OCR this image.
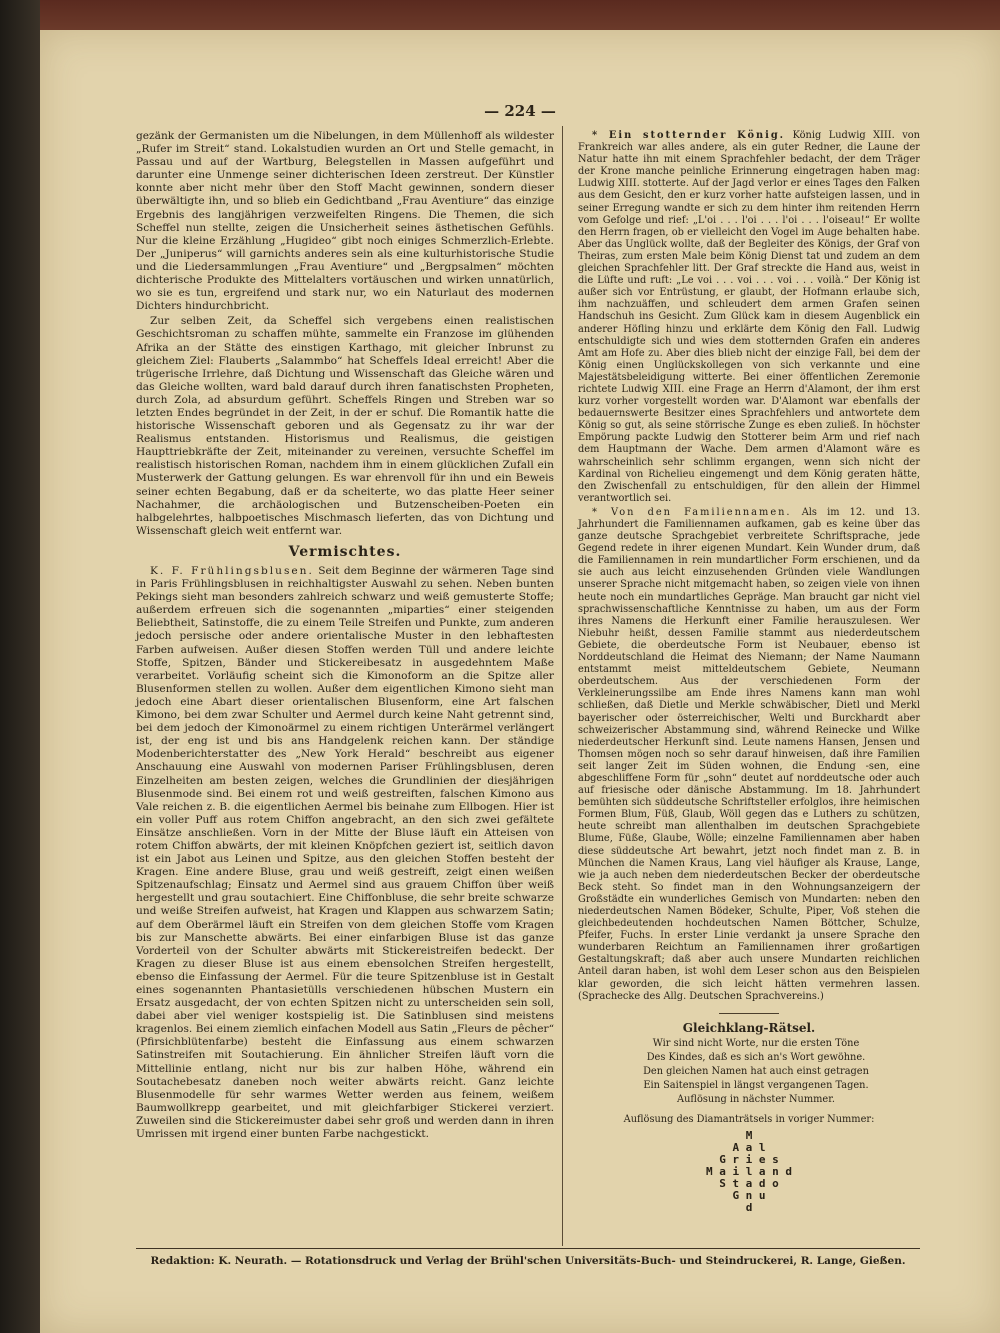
— 224 —

gezänk der Germanisten um die Nibelungen, in dem Müllenhoff als wildester „Rufer im Streit“ stand. Lokalstudien wurden an Ort und Stelle gemacht, in Passau und auf der Wartburg, Belegstellen in Massen aufgeführt und darunter eine Unmenge seiner dichterischen Ideen zerstreut. Der Künstler konnte aber nicht mehr über den Stoff Macht gewinnen, sondern dieser überwältigte ihn, und so blieb ein Gedichtband „Frau Aventiure“ das einzige Ergebnis des langjährigen verzweifelten Ringens. Die Themen, die sich Scheffel nun stellte, zeigen die Unsicherheit seines ästhetischen Gefühls. Nur die kleine Erzählung „Hugideo“ gibt noch einiges Schmerzlich-Erlebte. Der „Juniperus“ will garnichts anderes sein als eine kulturhistorische Studie und die Liedersammlungen „Frau Aventiure“ und „Bergpsalmen“ möchten dichterische Produkte des Mittelalters vortäuschen und wirken unnatürlich, wo sie es tun, ergreifend und stark nur, wo ein Naturlaut des modernen Dichters hindurchbricht.

Zur selben Zeit, da Scheffel sich vergebens einen realistischen Geschichtsroman zu schaffen mühte, sammelte ein Franzose im glühenden Afrika an der Stätte des einstigen Karthago, mit gleicher Inbrunst zu gleichem Ziel: Flauberts „Salammbo“ hat Scheffels Ideal erreicht! Aber die trügerische Irrlehre, daß Dichtung und Wissenschaft das Gleiche wären und das Gleiche wollten, ward bald darauf durch ihren fanatischsten Propheten, durch Zola, ad absurdum geführt. Scheffels Ringen und Streben war so letzten Endes begründet in der Zeit, in der er schuf. Die Romantik hatte die historische Wissenschaft geboren und als Gegensatz zu ihr war der Realismus entstanden. Historismus und Realismus, die geistigen Haupttriebkräfte der Zeit, miteinander zu vereinen, versuchte Scheffel im realistisch historischen Roman, nachdem ihm in einem glücklichen Zufall ein Musterwerk der Gattung gelungen. Es war ehrenvoll für ihn und ein Beweis seiner echten Begabung, daß er da scheiterte, wo das platte Heer seiner Nachahmer, die archäologischen und Butzenscheiben-Poeten ein halbgelehrtes, halbpoetisches Mischmasch lieferten, das von Dichtung und Wissenschaft gleich weit entfernt war.

Vermischtes.

K. F. Frühlingsblusen. Seit dem Beginne der wärmeren Tage sind in Paris Frühlingsblusen in reichhaltigster Auswahl zu sehen. Neben bunten Pekings sieht man besonders zahlreich schwarz und weiß gemusterte Stoffe; außerdem erfreuen sich die sogenannten „miparties“ einer steigenden Beliebtheit, Satinstoffe, die zu einem Teile Streifen und Punkte, zum anderen jedoch persische oder andere orientalische Muster in den lebhaftesten Farben aufweisen. Außer diesen Stoffen werden Tüll und andere leichte Stoffe, Spitzen, Bänder und Stickereibesatz in ausgedehntem Maße verarbeitet. Vorläufig scheint sich die Kimonoform an die Spitze aller Blusenformen stellen zu wollen. Außer dem eigentlichen Kimono sieht man jedoch eine Abart dieser orientalischen Blusenform, eine Art falschen Kimono, bei dem zwar Schulter und Aermel durch keine Naht getrennt sind, bei dem jedoch der Kimonoärmel zu einem richtigen Unterärmel verlängert ist, der eng ist und bis ans Handgelenk reichen kann. Der ständige Modenberichterstatter des „New York Herald“ beschreibt aus eigener Anschauung eine Auswahl von modernen Pariser Frühlingsblusen, deren Einzelheiten am besten zeigen, welches die Grundlinien der diesjährigen Blusenmode sind. Bei einem rot und weiß gestreiften, falschen Kimono aus Vale reichen z. B. die eigentlichen Aermel bis beinahe zum Ellbogen. Hier ist ein voller Puff aus rotem Chiffon angebracht, an den sich zwei gefältete Einsätze anschließen. Vorn in der Mitte der Bluse läuft ein Atteisen von rotem Chiffon abwärts, der mit kleinen Knöpfchen geziert ist, seitlich davon ist ein Jabot aus Leinen und Spitze, aus den gleichen Stoffen besteht der Kragen. Eine andere Bluse, grau und weiß gestreift, zeigt einen weißen Spitzenaufschlag; Einsatz und Aermel sind aus grauem Chiffon über weiß hergestellt und grau soutachiert. Eine Chiffonbluse, die sehr breite schwarze und weiße Streifen aufweist, hat Kragen und Klappen aus schwarzem Satin; auf dem Oberärmel läuft ein Streifen von dem gleichen Stoffe vom Kragen bis zur Manschette abwärts. Bei einer einfarbigen Bluse ist das ganze Vorderteil von der Schulter abwärts mit Stickereistreifen bedeckt. Der Kragen zu dieser Bluse ist aus einem ebensolchen Streifen hergestellt, ebenso die Einfassung der Aermel. Für die teure Spitzenbluse ist in Gestalt eines sogenannten Phantasietülls verschiedenen hübschen Mustern ein Ersatz ausgedacht, der von echten Spitzen nicht zu unterscheiden sein soll, dabei aber viel weniger kostspielig ist. Die Satinblusen sind meistens kragenlos. Bei einem ziemlich einfachen Modell aus Satin „Fleurs de pêcher“ (Pfirsichblütenfarbe) besteht die Einfassung aus einem schwarzen Satinstreifen mit Soutachierung. Ein ähnlicher Streifen läuft vorn die Mittellinie entlang, nicht nur bis zur halben Höhe, während ein Soutachebesatz daneben noch weiter abwärts reicht. Ganz leichte Blusenmodelle für sehr warmes Wetter werden aus feinem, weißem Baumwollkrepp gearbeitet, und mit gleichfarbiger Stickerei verziert. Zuweilen sind die Stickereimuster dabei sehr groß und werden dann in ihren Umrissen mit irgend einer bunten Farbe nachgestickt.

* Ein stotternder König. König Ludwig XIII. von Frankreich war alles andere, als ein guter Redner, die Laune der Natur hatte ihn mit einem Sprachfehler bedacht, der dem Träger der Krone manche peinliche Erinnerung eingetragen haben mag: Ludwig XIII. stotterte. Auf der Jagd verlor er eines Tages den Falken aus dem Gesicht, den er kurz vorher hatte aufsteigen lassen, und in seiner Erregung wandte er sich zu dem hinter ihm reitenden Herrn vom Gefolge und rief: „L'oi . . . l'oi . . . l'oi . . . l'oiseau!“ Er wollte den Herrn fragen, ob er vielleicht den Vogel im Auge behalten habe. Aber das Unglück wollte, daß der Begleiter des Königs, der Graf von Theiras, zum ersten Male beim König Dienst tat und zudem an dem gleichen Sprachfehler litt. Der Graf streckte die Hand aus, weist in die Lüfte und ruft: „Le voi . . . voi . . . voi . . . voilà.“ Der König ist außer sich vor Entrüstung, er glaubt, der Hofmann erlaube sich, ihm nachzuäffen, und schleudert dem armen Grafen seinen Handschuh ins Gesicht. Zum Glück kam in diesem Augenblick ein anderer Höfling hinzu und erklärte dem König den Fall. Ludwig entschuldigte sich und wies dem stotternden Grafen ein anderes Amt am Hofe zu. Aber dies blieb nicht der einzige Fall, bei dem der König einen Unglückskollegen von sich verkannte und eine Majestätsbeleidigung witterte. Bei einer öffentlichen Zeremonie richtete Ludwig XIII. eine Frage an Herrn d'Alamont, der ihm erst kurz vorher vorgestellt worden war. D'Alamont war ebenfalls der bedauernswerte Besitzer eines Sprachfehlers und antwortete dem König so gut, als seine störrische Zunge es eben zuließ. In höchster Empörung packte Ludwig den Stotterer beim Arm und rief nach dem Hauptmann der Wache. Dem armen d'Alamont wäre es wahrscheinlich sehr schlimm ergangen, wenn sich nicht der Kardinal von Richelieu eingemengt und dem König geraten hätte, den Zwischenfall zu entschuldigen, für den allein der Himmel verantwortlich sei.

* Von den Familiennamen. Als im 12. und 13. Jahrhundert die Familiennamen aufkamen, gab es keine über das ganze deutsche Sprachgebiet verbreitete Schriftsprache, jede Gegend redete in ihrer eigenen Mundart. Kein Wunder drum, daß die Familiennamen in rein mundartlicher Form erschienen, und da sie auch aus leicht einzusehenden Gründen viele Wandlungen unserer Sprache nicht mitgemacht haben, so zeigen viele von ihnen heute noch ein mundartliches Gepräge. Man braucht gar nicht viel sprachwissenschaftliche Kenntnisse zu haben, um aus der Form ihres Namens die Herkunft einer Familie herauszulesen. Wer Niebuhr heißt, dessen Familie stammt aus niederdeutschem Gebiete, die oberdeutsche Form ist Neubauer, ebenso ist Norddeutschland die Heimat des Niemann; der Name Naumann entstammt meist mitteldeutschem Gebiete, Neumann oberdeutschem. Aus der verschiedenen Form der Verkleinerungssilbe am Ende ihres Namens kann man wohl schließen, daß Dietle und Merkle schwäbischer, Dietl und Merkl bayerischer oder österreichischer, Welti und Burckhardt aber schweizerischer Abstammung sind, während Reinecke und Wilke niederdeutscher Herkunft sind. Leute namens Hansen, Jensen und Thomsen mögen noch so sehr darauf hinweisen, daß ihre Familien seit langer Zeit im Süden wohnen, die Endung -sen, eine abgeschliffene Form für „sohn“ deutet auf norddeutsche oder auch auf friesische oder dänische Abstammung. Im 18. Jahrhundert bemühten sich süddeutsche Schriftsteller erfolglos, ihre heimischen Formen Blum, Füß, Glaub, Wöll gegen das e Luthers zu schützen, heute schreibt man allenthalben im deutschen Sprachgebiete Blume, Füße, Glaube, Wölle; einzelne Familiennamen aber haben diese süddeutsche Art bewahrt, jetzt noch findet man z. B. in München die Namen Kraus, Lang viel häufiger als Krause, Lange, wie ja auch neben dem niederdeutschen Becker der oberdeutsche Beck steht. So findet man in den Wohnungsanzeigern der Großstädte ein wunderliches Gemisch von Mundarten: neben den niederdeutschen Namen Bödeker, Schulte, Piper, Voß stehen die gleichbedeutenden hochdeutschen Namen Böttcher, Schulze, Pfeifer, Fuchs. In erster Linie verdankt ja unsere Sprache den wunderbaren Reichtum an Familiennamen ihrer großartigen Gestaltungskraft; daß aber auch unsere Mundarten reichlichen Anteil daran haben, ist wohl dem Leser schon aus den Beispielen klar geworden, die sich leicht hätten vermehren lassen. (Sprachecke des Allg. Deutschen Sprachvereins.)

Gleichklang-Rätsel.

Wir sind nicht Worte, nur die ersten Töne

Des Kindes, daß es sich an's Wort gewöhne.

Den gleichen Namen hat auch einst getragen

Ein Saitenspiel in längst vergangenen Tagen.

Auflösung in nächster Nummer.

Auflösung des Diamanträtsels in voriger Nummer:
M
A a l
G r i e s
M a i l a n d
S t a d o
G n u
d
Redaktion: K. Neurath. — Rotationsdruck und Verlag der Brühl'schen Universitäts-Buch- und Steindruckerei, R. Lange, Gießen.
